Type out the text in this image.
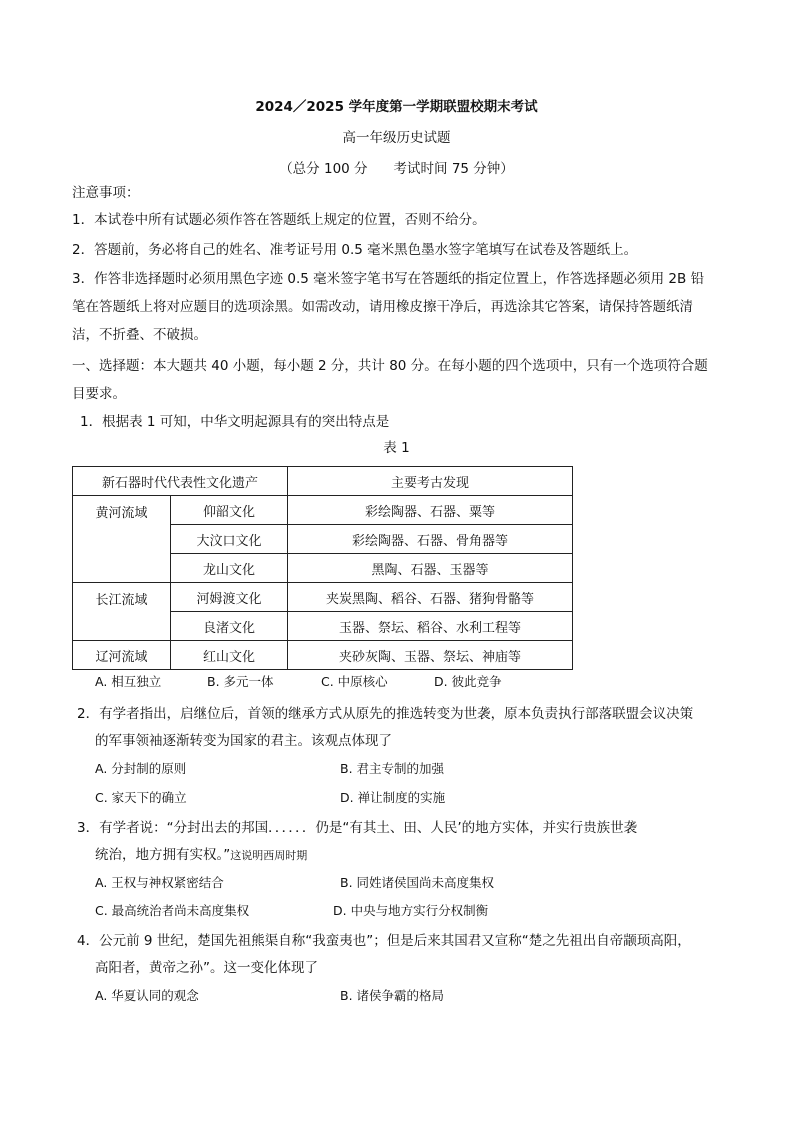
2024／2025 学年度第一学期联盟校期末考试
高一年级历史试题
（总分 100 分 考试时间 75 分钟）
注意事项：
1．本试卷中所有试题必须作答在答题纸上规定的位置，否则不给分。
2．答题前，务必将自己的姓名、准考证号用 0.5 毫米黑色墨水签字笔填写在试卷及答题纸上。
3．作答非选择题时必须用黑色字迹 0.5 毫米签字笔书写在答题纸的指定位置上，作答选择题必须用 2B 铅
笔在答题纸上将对应题目的选项涂黑。如需改动，请用橡皮擦干净后，再选涂其它答案，请保持答题纸清
洁，不折叠、不破损。
一、选择题：本大题共 40 小题，每小题 2 分，共计 80 分。在每小题的四个选项中，只有一个选项符合题
目要求。
1．根据表 1 可知，中华文明起源具有的突出特点是
表 1
新石器时代代表性文化遗产		主要考古发现
黄河流域	仰韶文化	彩绘陶器、石器、粟等
	大汶口文化	彩绘陶器、石器、骨角器等
	龙山文化	黑陶、石器、玉器等
长江流域	河姆渡文化	夹炭黑陶、稻谷、石器、猪狗骨骼等
	良渚文化	玉器、祭坛、稻谷、水利工程等
辽河流域	红山文化	夹砂灰陶、玉器、祭坛、神庙等
A. 相互独立	B. 多元一体	C. 中原核心	D. 彼此竞争
2．有学者指出，启继位后，首领的继承方式从原先的推选转变为世袭，原本负责执行部落联盟会议决策
的军事领袖逐渐转变为国家的君主。该观点体现了
A. 分封制的原则	B. 君主专制的加强
C. 家天下的确立	D. 禅让制度的实施
3．有学者说：“分封出去的邦国．．．．．．仍是“有其土、田、人民’的地方实体，并实行贵族世袭
统治，地方拥有实权。”这说明西周时期
A. 王权与神权紧密结合	B. 同姓诸侯国尚未高度集权
C. 最高统治者尚未高度集权	D. 中央与地方实行分权制衡
4．公元前 9 世纪，楚国先祖熊渠自称“我蛮夷也”；但是后来其国君又宣称“楚之先祖出自帝颛顼高阳，
高阳者，黄帝之孙”。这一变化体现了
A. 华夏认同的观念	B. 诸侯争霸的格局
